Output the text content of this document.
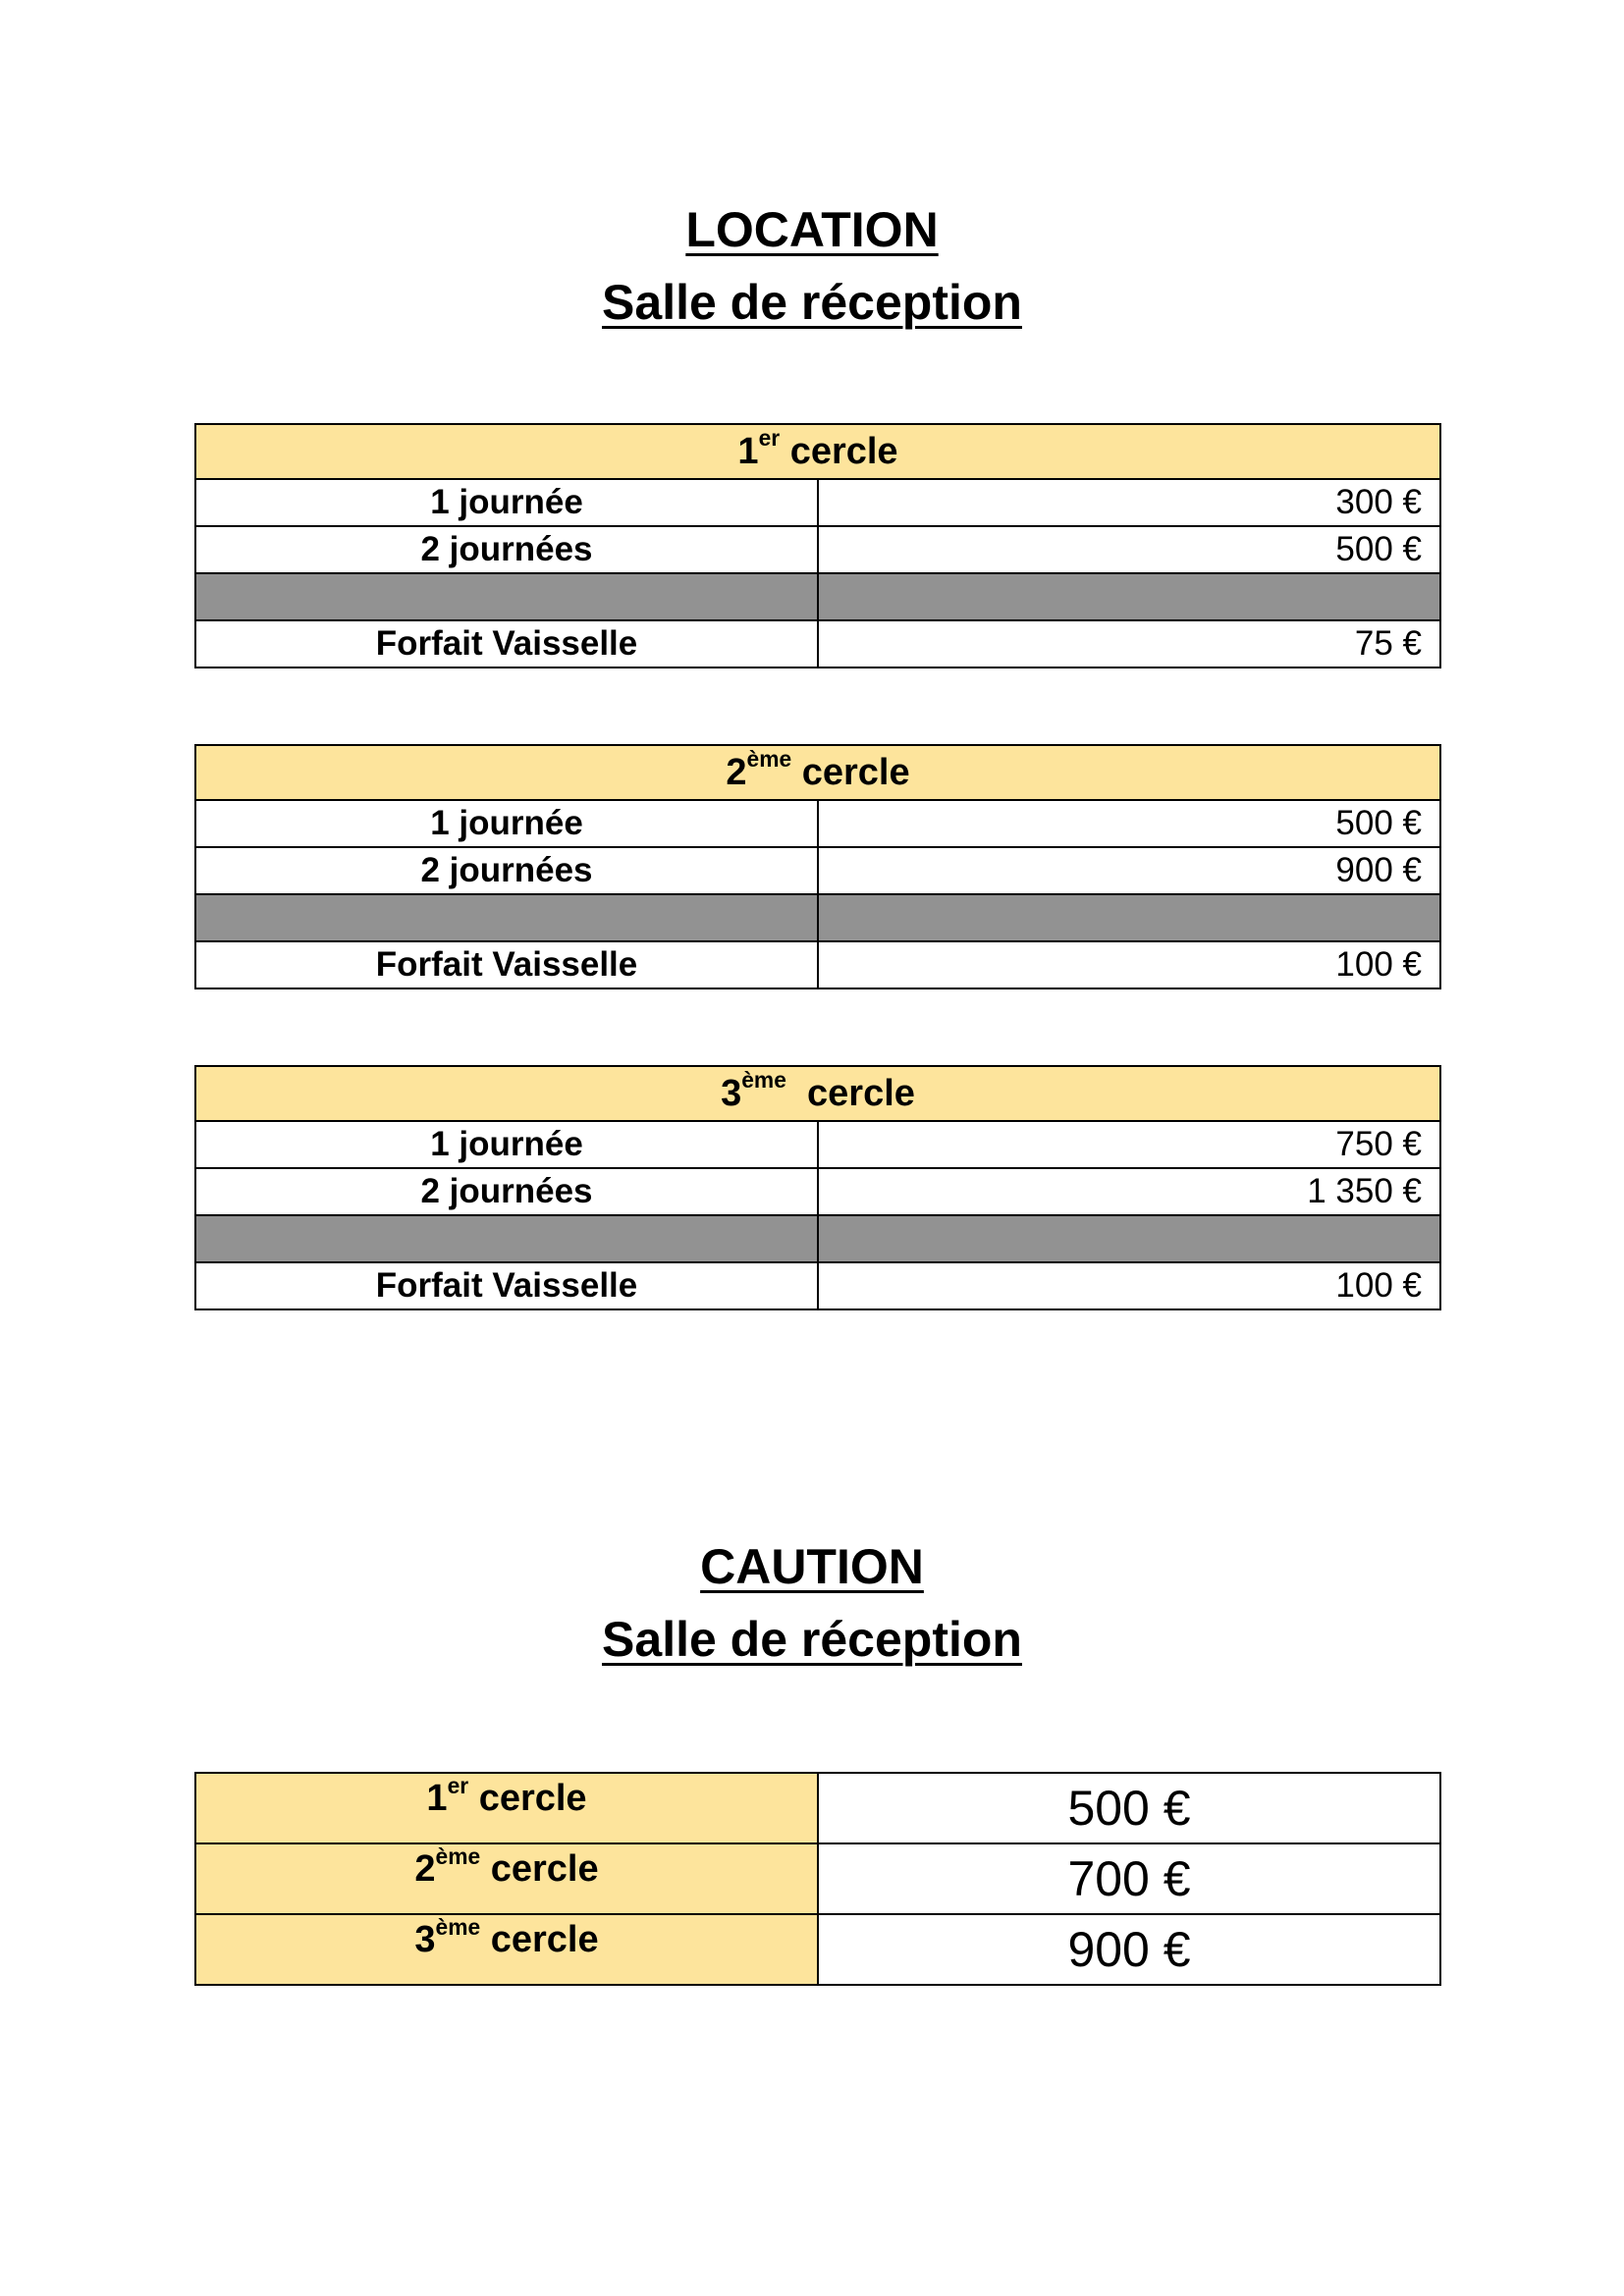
LOCATION
Salle de réception
1er cercle	
1 journée	300 €
2 journées	500 €

Forfait Vaisselle	75 €
2ème cercle	
1 journée	500 €
2 journées	900 €

Forfait Vaisselle	100 €
3ème cercle	
1 journée	750 €
2 journées	1 350 €

Forfait Vaisselle	100 €
CAUTION
Salle de réception
1er cercle	500 €
2ème cercle	700 €
3ème cercle	900 €
